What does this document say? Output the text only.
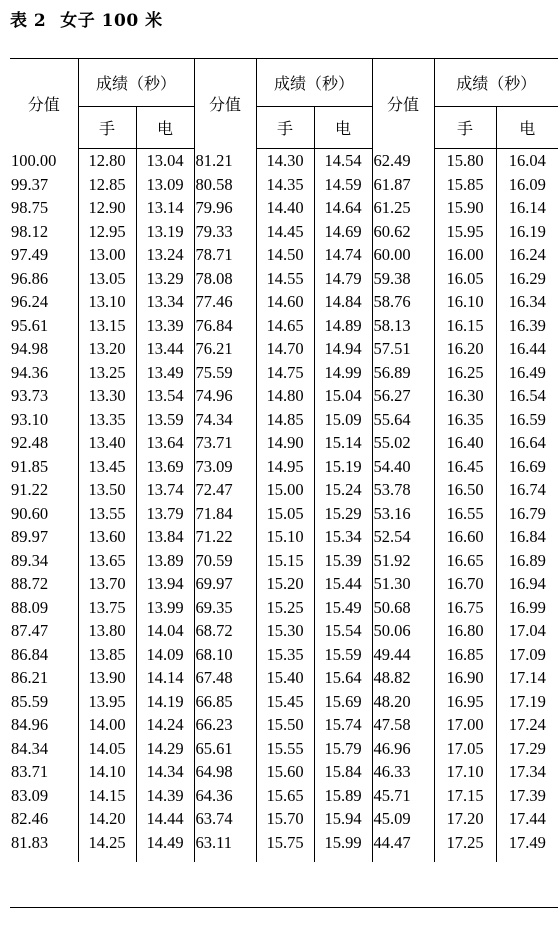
表 2 女子 100 米
分值	成绩（秒）		分值	成绩（秒）		分值	成绩（秒）	
	手	电		手	电		手	电
100.00	12.80	13.04	81.21	14.30	14.54	62.49	15.80	16.04
99.37	12.85	13.09	80.58	14.35	14.59	61.87	15.85	16.09
98.75	12.90	13.14	79.96	14.40	14.64	61.25	15.90	16.14
98.12	12.95	13.19	79.33	14.45	14.69	60.62	15.95	16.19
97.49	13.00	13.24	78.71	14.50	14.74	60.00	16.00	16.24
96.86	13.05	13.29	78.08	14.55	14.79	59.38	16.05	16.29
96.24	13.10	13.34	77.46	14.60	14.84	58.76	16.10	16.34
95.61	13.15	13.39	76.84	14.65	14.89	58.13	16.15	16.39
94.98	13.20	13.44	76.21	14.70	14.94	57.51	16.20	16.44
94.36	13.25	13.49	75.59	14.75	14.99	56.89	16.25	16.49
93.73	13.30	13.54	74.96	14.80	15.04	56.27	16.30	16.54
93.10	13.35	13.59	74.34	14.85	15.09	55.64	16.35	16.59
92.48	13.40	13.64	73.71	14.90	15.14	55.02	16.40	16.64
91.85	13.45	13.69	73.09	14.95	15.19	54.40	16.45	16.69
91.22	13.50	13.74	72.47	15.00	15.24	53.78	16.50	16.74
90.60	13.55	13.79	71.84	15.05	15.29	53.16	16.55	16.79
89.97	13.60	13.84	71.22	15.10	15.34	52.54	16.60	16.84
89.34	13.65	13.89	70.59	15.15	15.39	51.92	16.65	16.89
88.72	13.70	13.94	69.97	15.20	15.44	51.30	16.70	16.94
88.09	13.75	13.99	69.35	15.25	15.49	50.68	16.75	16.99
87.47	13.80	14.04	68.72	15.30	15.54	50.06	16.80	17.04
86.84	13.85	14.09	68.10	15.35	15.59	49.44	16.85	17.09
86.21	13.90	14.14	67.48	15.40	15.64	48.82	16.90	17.14
85.59	13.95	14.19	66.85	15.45	15.69	48.20	16.95	17.19
84.96	14.00	14.24	66.23	15.50	15.74	47.58	17.00	17.24
84.34	14.05	14.29	65.61	15.55	15.79	46.96	17.05	17.29
83.71	14.10	14.34	64.98	15.60	15.84	46.33	17.10	17.34
83.09	14.15	14.39	64.36	15.65	15.89	45.71	17.15	17.39
82.46	14.20	14.44	63.74	15.70	15.94	45.09	17.20	17.44
81.83	14.25	14.49	63.11	15.75	15.99	44.47	17.25	17.49
